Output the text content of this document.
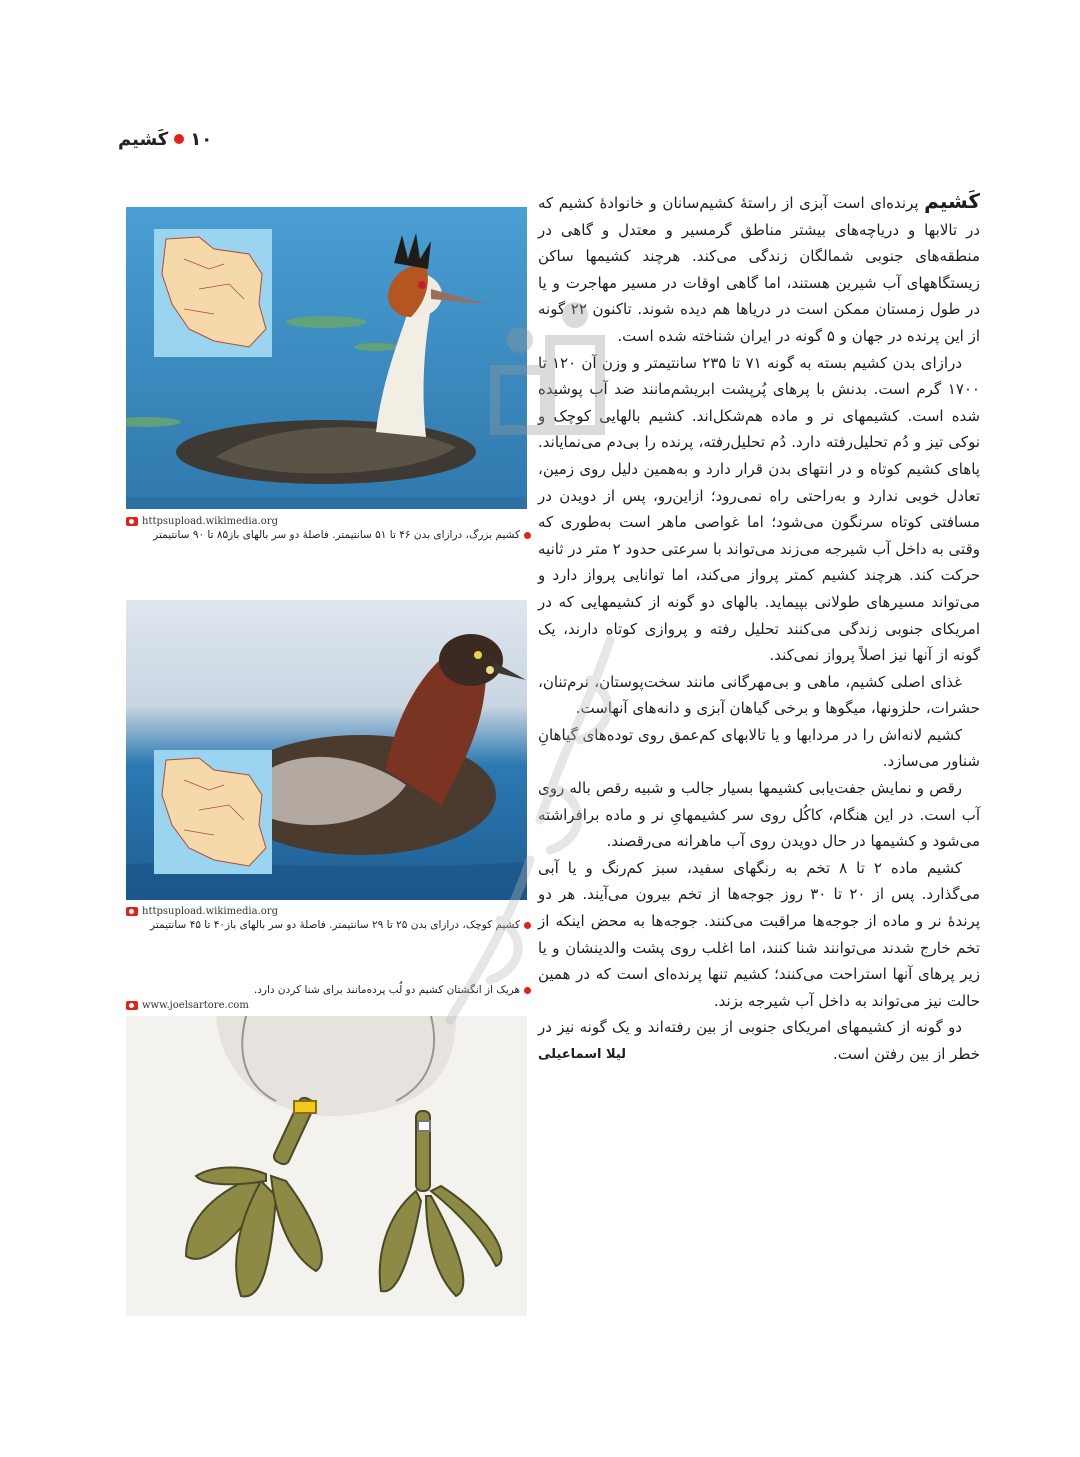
۱۰
کَشیم
httpsupload.wikimedia.org
کشیم بزرگ، درازای بدن ۴۶ تا ۵۱ سانتیمتر. فاصلهٔ دو سر بالهای باز۸۵ تا ۹۰ سانتیمتر
httpsupload.wikimedia.org
کشیم کوچک، درازای بدن ۲۵ تا ۲۹ سانتیمتر. فاصلهٔ دو سر بالهای باز۴۰ تا ۴۵ سانتیمتر
هریک از انگشتان کشیم دو لُب پرده‌مانند برای شنا کردن دارد.
www.joelsartore.com

کَشیم پرنده‌ای است آبزی از راستهٔ کشیم‌سانان و خانوادهٔ کشیم که در تالابها و دریاچه‌های بیشتر مناطق گرمسیر و معتدل و گاهی در منطقه‌های جنوبی شمالگان زندگی می‌کند. هرچند کشیمها ساکن زیستگاههای آب شیرین هستند، اما گاهی اوقات در مسیر مهاجرت و یا در طول زمستان ممکن است در دریاها هم دیده شوند. تاکنون ۲۲ گونه از این پرنده در جهان و ۵ گونه در ایران شناخته شده است.

درازای بدن کشیم بسته به گونه ۷۱ تا ۲۳۵ سانتیمتر و وزن آن ۱۲۰ تا ۱۷۰۰ گرم است. بدنش با پرهای پُرپشت ابریشم‌مانند ضد آب پوشیده شده است. کشیمهای نر و ماده هم‌شکل‌اند. کشیم بالهایی کوچک و نوکی تیز و دُم تحلیل‌رفته دارد. دُم تحلیل‌رفته، پرنده را بی‌دم می‌نمایاند. پاهای کشیم کوتاه و در انتهای بدن قرار دارد و به‌همین دلیل روی زمین، تعادل خوبی ندارد و به‌راحتی راه نمی‌رود؛ ازاین‌رو، پس از دویدن در مسافتی کوتاه سرنگون می‌شود؛ اما غواصی ماهر است به‌طوری که وقتی به داخل آب شیرجه می‌زند می‌تواند با سرعتی حدود ۲ متر در ثانیه حرکت کند. هرچند کشیم کمتر پرواز می‌کند، اما توانایی پرواز دارد و می‌تواند مسیرهای طولانی بپیماید. بالهای دو گونه از کشیمهایی که در امریکای جنوبی زندگی می‌کنند تحلیل رفته و پروازی کوتاه دارند، یک گونه از آنها نیز اصلاً پرواز نمی‌کند.

غذای اصلی کشیم، ماهی و بی‌مهرگانی مانند سخت‌پوستان، نرم‌تنان، حشرات، حلزونها، میگوها و برخی گیاهان آبزی و دانه‌های آنهاست.

کشیم لانه‌اش را در مردابها و یا تالابهای کم‌عمق روی توده‌های گیاهانِ شناور می‌سازد.

رقص و نمایش جفت‌یابی کشیمها بسیار جالب و شبیه رقص باله روی آب است. در این هنگام، کاکُل روی سر کشیمهایِ نر و ماده برافراشته می‌شود و کشیمها در حال دویدن روی آب ماهرانه می‌رقصند.

کشیم ماده ۲ تا ۸ تخم به رنگهای سفید، سبز کم‌رنگ و یا آبی می‌گذارد. پس از ۲۰ تا ۳۰ روز جوجه‌ها از تخم بیرون می‌آیند. هر دو پرندهٔ نر و ماده از جوجه‌ها مراقبت می‌کنند. جوجه‌ها به محض اینکه از تخم خارج شدند می‌توانند شنا کنند، اما اغلب روی پشت والدینشان و یا زیر پرهای آنها استراحت می‌کنند؛ کشیم تنها پرنده‌ای است که در همین حالت نیز می‌تواند به داخل آب شیرجه بزند.

دو گونه از کشیمهای امریکای جنوبی از بین رفته‌اند و یک گونه نیز در خطر از بین رفتن است.

لیلا اسماعیلی
